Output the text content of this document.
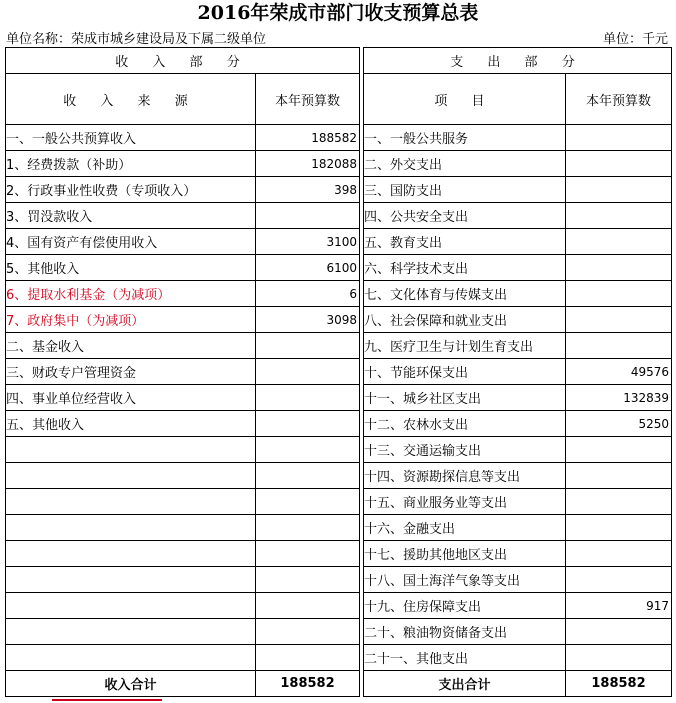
2016年荣成市部门收支预算总表
单位名称：荣成市城乡建设局及下属二级单位	单位：千元
收 入 部 分			支 出 部 分	
收 入 来 源	本年预算数		项 目	本年预算数
一、一般公共预算收入	188582		一、一般公共服务	
1、经费拨款（补助）	182088		二、外交支出	
2、行政事业性收费（专项收入）	398		三、国防支出	
3、罚没款收入			四、公共安全支出	
4、国有资产有偿使用收入	3100		五、教育支出	
5、其他收入	6100		六、科学技术支出	
6、提取水利基金（为减项）	6		七、文化体育与传媒支出	
7、政府集中（为减项）	3098		八、社会保障和就业支出	
二、基金收入			九、医疗卫生与计划生育支出	
三、财政专户管理资金			十、节能环保支出	49576
四、事业单位经营收入			十一、城乡社区支出	132839
五、其他收入			十二、农林水支出	5250
			十三、交通运输支出	
			十四、资源勘探信息等支出	
			十五、商业服务业等支出	
			十六、金融支出	
			十七、援助其他地区支出	
			十八、国土海洋气象等支出	
			十九、住房保障支出	917
			二十、粮油物资储备支出	
			二十一、其他支出	
收入合计	188582		支出合计	188582
